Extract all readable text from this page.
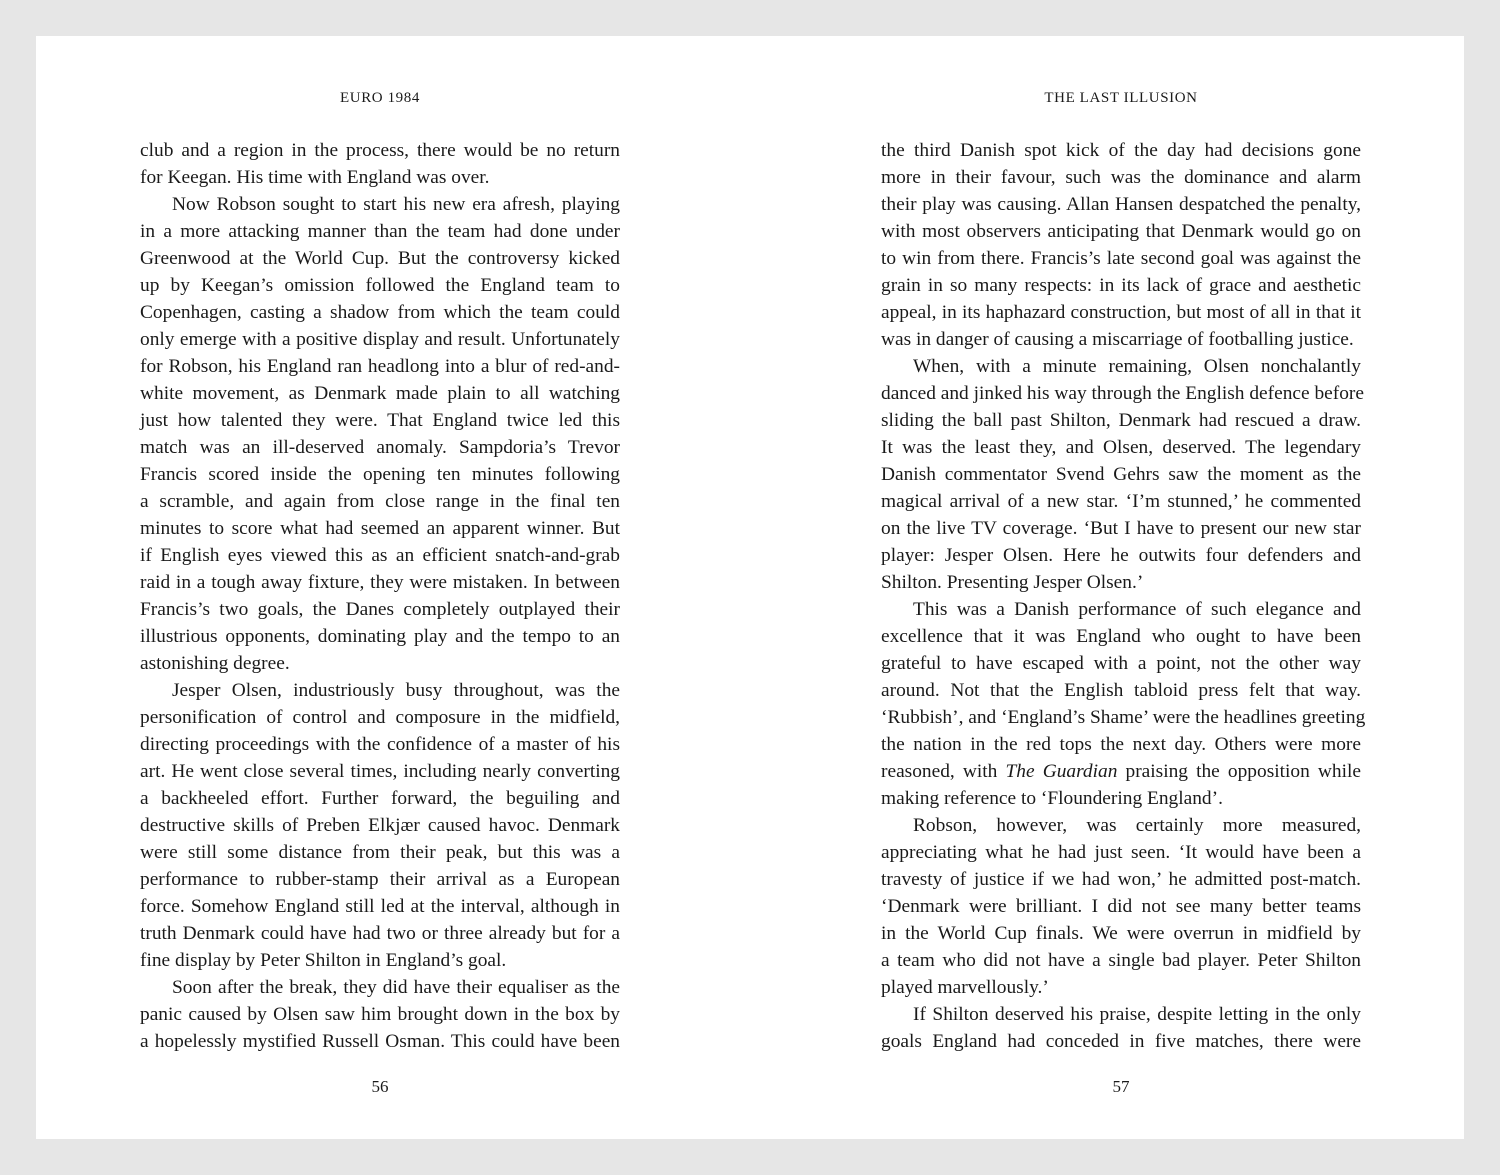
EURO 1984
club and a region in the process, there would be no return
for Keegan. His time with England was over.
Now Robson sought to start his new era afresh, playing
in a more attacking manner than the team had done under
Greenwood at the World Cup. But the controversy kicked
up by Keegan’s omission followed the England team to
Copenhagen, casting a shadow from which the team could
only emerge with a positive display and result. Unfortunately
for Robson, his England ran headlong into a blur of red-and-
white movement, as Denmark made plain to all watching
just how talented they were. That England twice led this
match was an ill-deserved anomaly. Sampdoria’s Trevor
Francis scored inside the opening ten minutes following
a scramble, and again from close range in the final ten
minutes to score what had seemed an apparent winner. But
if English eyes viewed this as an efficient snatch-and-grab
raid in a tough away fixture, they were mistaken. In between
Francis’s two goals, the Danes completely outplayed their
illustrious opponents, dominating play and the tempo to an
astonishing degree.
Jesper Olsen, industriously busy throughout, was the
personification of control and composure in the midfield,
directing proceedings with the confidence of a master of his
art. He went close several times, including nearly converting
a backheeled effort. Further forward, the beguiling and
destructive skills of Preben Elkjær caused havoc. Denmark
were still some distance from their peak, but this was a
performance to rubber-stamp their arrival as a European
force. Somehow England still led at the interval, although in
truth Denmark could have had two or three already but for a
fine display by Peter Shilton in England’s goal.
Soon after the break, they did have their equaliser as the
panic caused by Olsen saw him brought down in the box by
a hopelessly mystified Russell Osman. This could have been
56
THE LAST ILLUSION
the third Danish spot kick of the day had decisions gone
more in their favour, such was the dominance and alarm
their play was causing. Allan Hansen despatched the penalty,
with most observers anticipating that Denmark would go on
to win from there. Francis’s late second goal was against the
grain in so many respects: in its lack of grace and aesthetic
appeal, in its haphazard construction, but most of all in that it
was in danger of causing a miscarriage of footballing justice.
When, with a minute remaining, Olsen nonchalantly
danced and jinked his way through the English defence before
sliding the ball past Shilton, Denmark had rescued a draw.
It was the least they, and Olsen, deserved. The legendary
Danish commentator Svend Gehrs saw the moment as the
magical arrival of a new star. ‘I’m stunned,’ he commented
on the live TV coverage. ‘But I have to present our new star
player: Jesper Olsen. Here he outwits four defenders and
Shilton. Presenting Jesper Olsen.’
This was a Danish performance of such elegance and
excellence that it was England who ought to have been
grateful to have escaped with a point, not the other way
around. Not that the English tabloid press felt that way.
‘Rubbish’, and ‘England’s Shame’ were the headlines greeting
the nation in the red tops the next day. Others were more
reasoned, with The Guardian praising the opposition while
making reference to ‘Floundering England’.
Robson, however, was certainly more measured,
appreciating what he had just seen. ‘It would have been a
travesty of justice if we had won,’ he admitted post-match.
‘Denmark were brilliant. I did not see many better teams
in the World Cup finals. We were overrun in midfield by
a team who did not have a single bad player. Peter Shilton
played marvellously.’
If Shilton deserved his praise, despite letting in the only
goals England had conceded in five matches, there were
57
